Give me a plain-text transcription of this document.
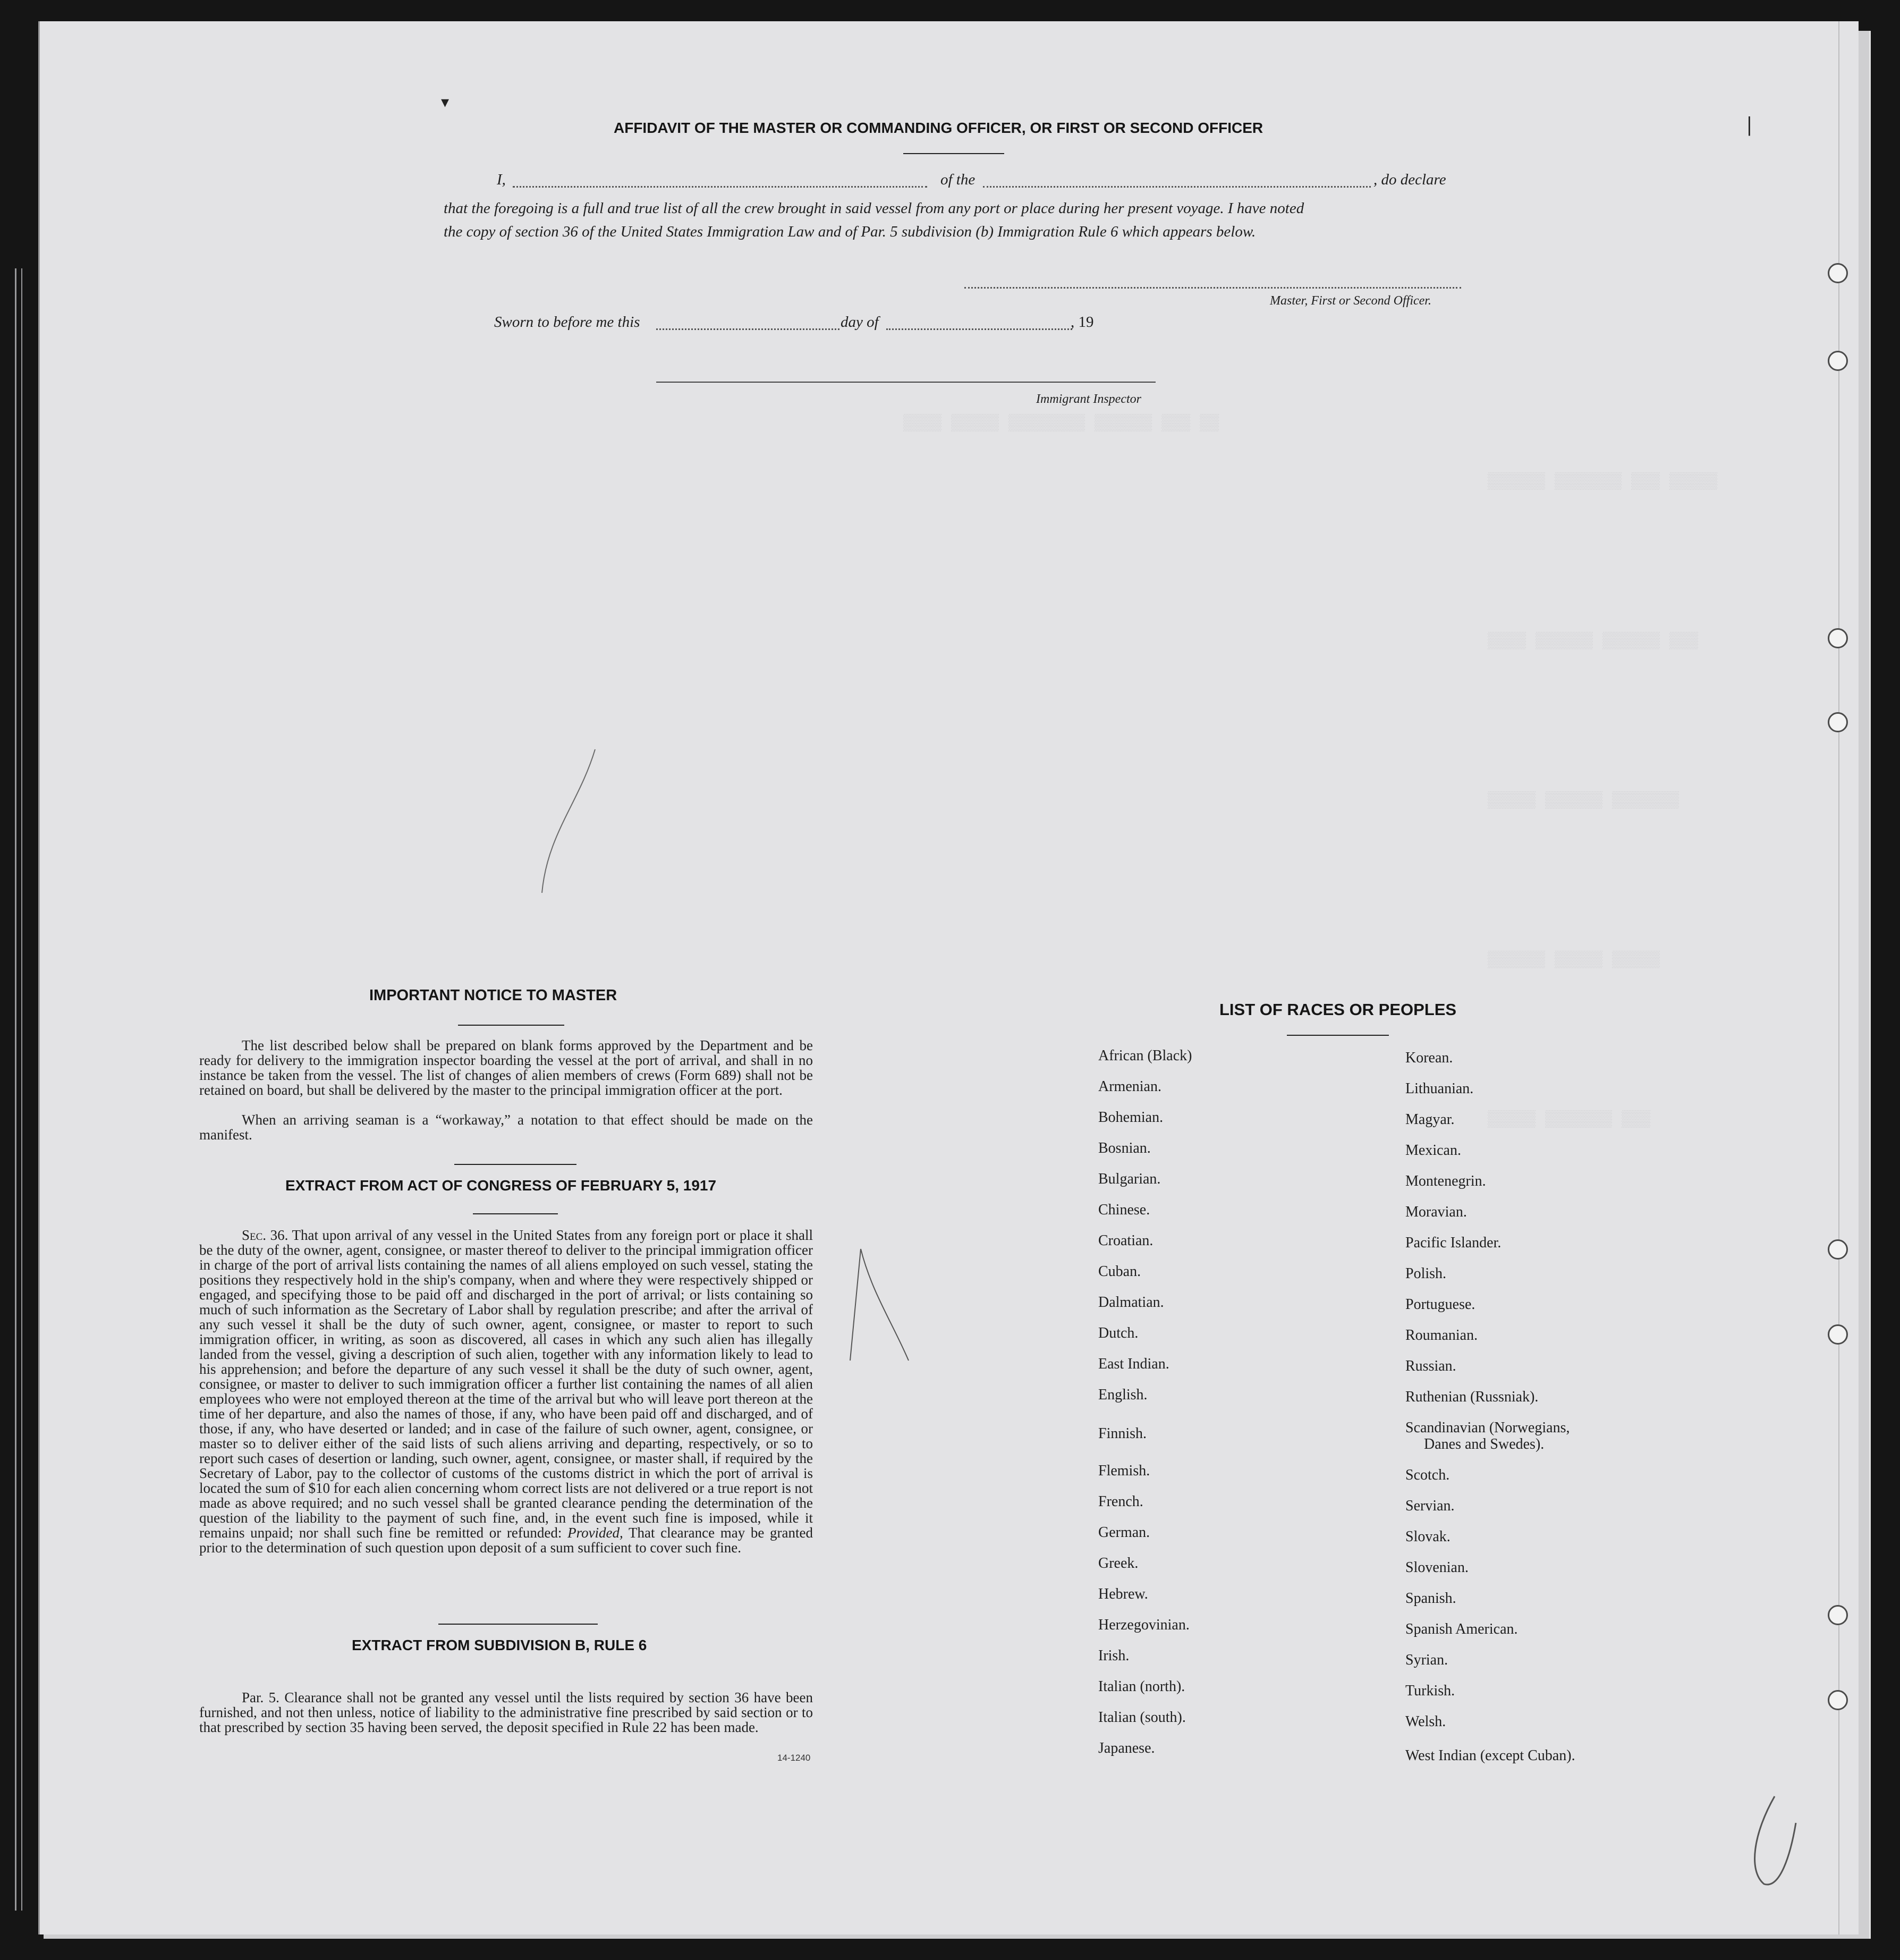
▒▒▒▒ ▒▒▒▒▒ ▒▒▒▒▒▒▒▒ ▒▒▒▒▒▒ ▒▒▒ ▒▒
▒▒▒▒▒▒ ▒▒▒▒▒▒▒ ▒▒▒ ▒▒▒▒▒
▒▒▒▒ ▒▒▒▒▒▒ ▒▒▒▒▒▒ ▒▒▒
▒▒▒▒▒ ▒▒▒▒▒▒ ▒▒▒▒▒▒▒
▒▒▒▒▒▒ ▒▒▒▒▒ ▒▒▒▒▒
▒▒▒▒▒ ▒▒▒▒▒▒▒ ▒▒▒
|
▾
AFFIDAVIT OF THE MASTER OR COMMANDING OFFICER, OR FIRST OR SECOND OFFICER
I,	of the	, do declare
that the foregoing is a full and true list of all the crew brought in said vessel from any port or place during her present voyage. I have noted
the copy of section 36 of the United States Immigration Law and of Par. 5 subdivision (b) Immigration Rule 6 which appears below.
Master, First or Second Officer.
Sworn to before me this	day of	, 19
Immigrant Inspector
IMPORTANT NOTICE TO MASTER

The list described below shall be prepared on blank forms approved by the Department and be ready for delivery to the immigration inspector boarding the vessel at the port of arrival, and shall in no instance be taken from the vessel. The list of changes of alien members of crews (Form 689) shall not be retained on board, but shall be delivered by the master to the principal immigration officer at the port.

When an arriving seaman is a “workaway,” a notation to that effect should be made on the manifest.

EXTRACT FROM ACT OF CONGRESS OF FEBRUARY 5, 1917

Sec. 36. That upon arrival of any vessel in the United States from any foreign port or place it shall be the duty of the owner, agent, consignee, or master thereof to deliver to the principal immigration officer in charge of the port of arrival lists containing the names of all aliens employed on such vessel, stating the positions they respectively hold in the ship's company, when and where they were respectively shipped or engaged, and specifying those to be paid off and discharged in the port of arrival; or lists containing so much of such information as the Secretary of Labor shall by regulation prescribe; and after the arrival of any such vessel it shall be the duty of such owner, agent, consignee, or master to report to such immigration officer, in writing, as soon as discovered, all cases in which any such alien has illegally landed from the vessel, giving a description of such alien, together with any information likely to lead to his apprehension; and before the departure of any such vessel it shall be the duty of such owner, agent, consignee, or master to deliver to such immigration officer a further list containing the names of all alien employees who were not employed thereon at the time of the arrival but who will leave port thereon at the time of her departure, and also the names of those, if any, who have been paid off and discharged, and of those, if any, who have deserted or landed; and in case of the failure of such owner, agent, consignee, or master so to deliver either of the said lists of such aliens arriving and departing, respectively, or so to report such cases of desertion or landing, such owner, agent, consignee, or master shall, if required by the Secretary of Labor, pay to the collector of customs of the customs district in which the port of arrival is located the sum of $10 for each alien concerning whom correct lists are not delivered or a true report is not made as above required; and no such vessel shall be granted clearance pending the determination of the question of the liability to the payment of such fine, and, in the event such fine is imposed, while it remains unpaid; nor shall such fine be remitted or refunded: Provided, That clearance may be granted prior to the determination of such question upon deposit of a sum sufficient to cover such fine.

EXTRACT FROM SUBDIVISION B, RULE 6

Par. 5. Clearance shall not be granted any vessel until the lists required by section 36 have been furnished, and not then unless, notice of liability to the administrative fine prescribed by said section or to that prescribed by section 35 having been served, the deposit specified in Rule 22 has been made.

14-1240
LIST OF RACES OR PEOPLES
African (Black)
Armenian.
Bohemian.
Bosnian.
Bulgarian.
Chinese.
Croatian.
Cuban.
Dalmatian.
Dutch.
East Indian.
English.
Finnish.
Flemish.
French.
German.
Greek.
Hebrew.
Herzegovinian.
Irish.
Italian (north).
Italian (south).
Japanese.
Korean.
Lithuanian.
Magyar.
Mexican.
Montenegrin.
Moravian.
Pacific Islander.
Polish.
Portuguese.
Roumanian.
Russian.
Ruthenian (Russniak).
Scandinavian (Norwegians,
Danes and Swedes).
Scotch.
Servian.
Slovak.
Slovenian.
Spanish.
Spanish American.
Syrian.
Turkish.
Welsh.
West Indian (except Cuban).
